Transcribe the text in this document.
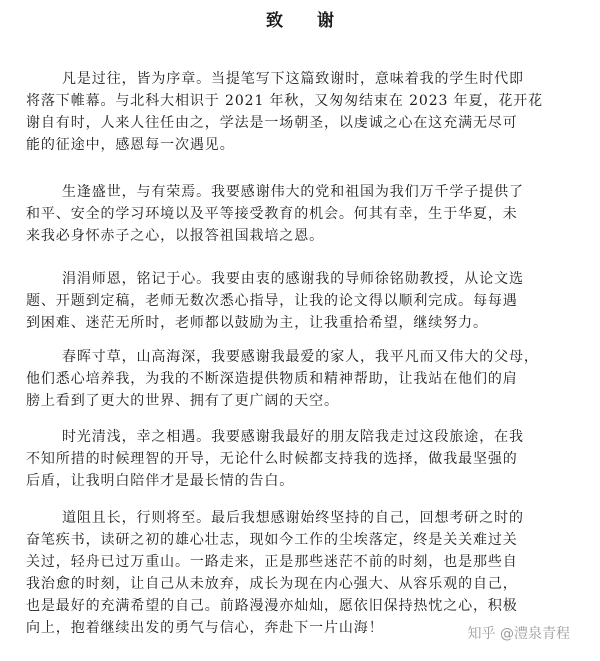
致 谢
凡是过往，皆为序章。当提笔写下这篇致谢时，意味着我的学生时代即
将落下帷幕。与北科大相识于 2021 年秋，又匆匆结束在 2023 年夏，花开花
谢自有时，人来人往任由之，学法是一场朝圣，以虔诚之心在这充满无尽可
能的征途中，感恩每一次遇见。
生逢盛世，与有荣焉。我要感谢伟大的党和祖国为我们万千学子提供了
和平、安全的学习环境以及平等接受教育的机会。何其有幸，生于华夏，未
来我必身怀赤子之心，以报答祖国栽培之恩。
涓涓师恩，铭记于心。我要由衷的感谢我的导师徐铭勋教授，从论文选
题、开题到定稿，老师无数次悉心指导，让我的论文得以顺利完成。每每遇
到困难、迷茫无所时，老师都以鼓励为主，让我重拾希望，继续努力。
春晖寸草，山高海深，我要感谢我最爱的家人，我平凡而又伟大的父母，
他们悉心培养我，为我的不断深造提供物质和精神帮助，让我站在他们的肩
膀上看到了更大的世界、拥有了更广阔的天空。
时光清浅，幸之相遇。我要感谢我最好的朋友陪我走过这段旅途，在我
不知所措的时候理智的开导，无论什么时候都支持我的选择，做我最坚强的
后盾，让我明白陪伴才是最长情的告白。
道阻且长，行则将至。最后我想感谢始终坚持的自己，回想考研之时的
奋笔疾书，读研之初的雄心壮志，现如今工作的尘埃落定，终是关关难过关
关过，轻舟已过万重山。一路走来，正是那些迷茫不前的时刻，也是那些自
我治愈的时刻，让自己从未放弃，成长为现在内心强大、从容乐观的自己，
也是最好的充满希望的自己。前路漫漫亦灿灿，愿依旧保持热忱之心，积极
向上，抱着继续出发的勇气与信心，奔赴下一片山海！	知乎 @澧泉青程
